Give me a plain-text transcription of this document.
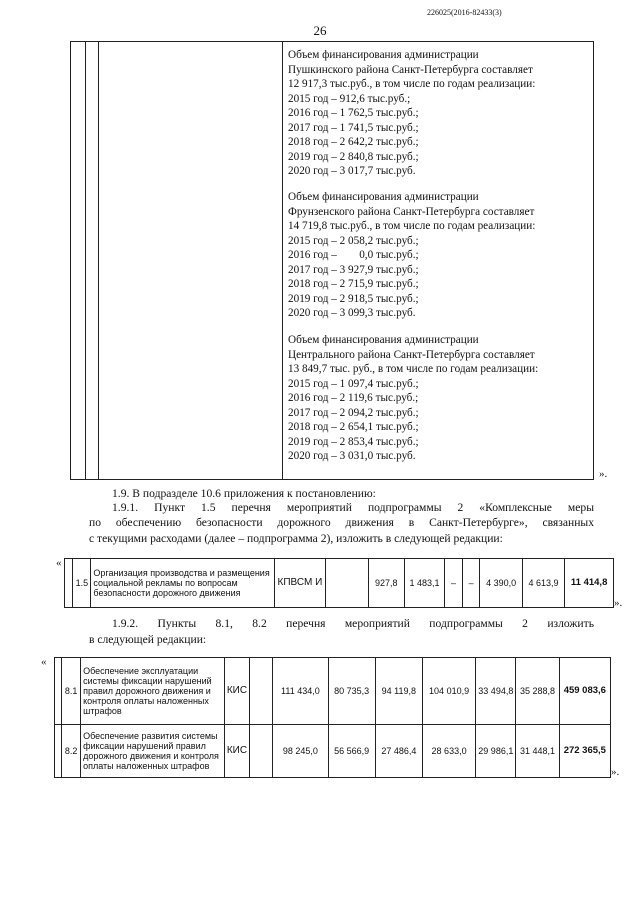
26
226025(2016-82433(3)
Объем финансирования администрации
Пушкинского района Санкт-Петербурга составляет
12 917,3 тыс.руб., в том числе по годам реализации:
2015 год – 912,6 тыс.руб.;
2016 год – 1 762,5 тыс.руб.;
2017 год – 1 741,5 тыс.руб.;
2018 год – 2 642,2 тыс.руб.;
2019 год – 2 840,8 тыс.руб.;
2020 год – 3 017,7 тыс.руб.
Объем финансирования администрации
Фрунзенского района Санкт-Петербурга составляет
14 719,8 тыс.руб., в том числе по годам реализации:
2015 год – 2 058,2 тыс.руб.;
2016 год –        0,0 тыс.руб.;
2017 год – 3 927,9 тыс.руб.;
2018 год – 2 715,9 тыс.руб.;
2019 год – 2 918,5 тыс.руб.;
2020 год – 3 099,3 тыс.руб.
Объем финансирования администрации
Центрального района Санкт-Петербурга составляет
13 849,7 тыс. руб., в том числе по годам реализации:
2015 год – 1 097,4 тыс.руб.;
2016 год – 2 119,6 тыс.руб.;
2017 год – 2 094,2 тыс.руб.;
2018 год – 2 654,1 тыс.руб.;
2019 год – 2 853,4 тыс.руб.;
2020 год – 3 031,0 тыс.руб.
».
1.9. В подразделе 10.6 приложения к постановлению:
1.9.1. Пункт 1.5 перечня мероприятий подпрограммы 2 «Комплексные меры
по обеспечению безопасности дорожного движения в Санкт-Петербурге», связанных
с текущими расходами (далее – подпрограмма 2), изложить в следующей редакции:
«
	1.5	Организация производства и размещения социальной рекламы по вопросам безопасности дорожного движения	КПВСМ И		927,8	1 483,1	–	–	4 390,0	4 613,9	11 414,8
».
1.9.2. Пункты 8.1, 8.2 перечня мероприятий подпрограммы 2 изложить
в следующей редакции:
«
	8.1	Обеспечение эксплуатации системы фиксации нарушений правил дорожного движения и контроля оплаты наложенных штрафов	КИС		111 434,0	80 735,3	94 119,8	104 010,9	33 494,8	35 288,8	459 083,6
	8.2	Обеспечение развития системы фиксации нарушений правил дорожного движения и контроля оплаты наложенных штрафов	КИС		98 245,0	56 566,9	27 486,4	28 633,0	29 986,1	31 448,1	272 365,5
».
